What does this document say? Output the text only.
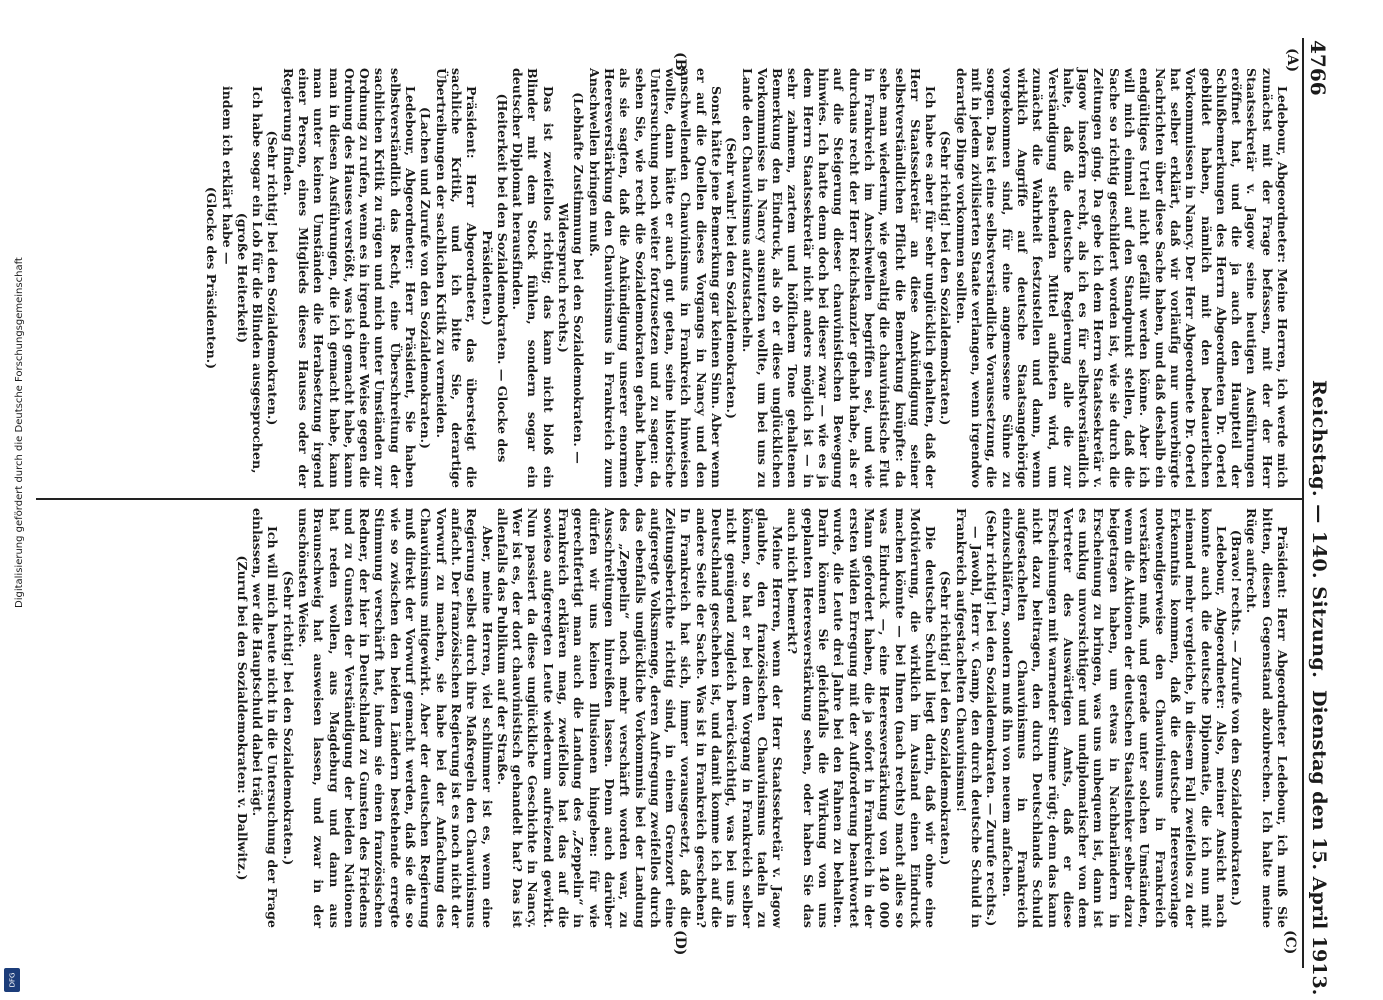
4766
Reichstag. — 140. Sitzung.
Dienstag den 15. April 1913.
(A)
(B)
(C)
(D)

Ledebour, Abgeordneter: Meine Herren, ich werde mich zunächst mit der Frage befassen, mit der der Herr Staatssekretär v. Jagow seine heutigen Ausführungen eröffnet hat, und die ja auch den Hauptteil der Schlußbemerkungen des Herrn Abgeordneten Dr. Oertel gebildet haben, nämlich mit den bedauerlichen Vorkommnissen in Nancy. Der Herr Abgeordnete Dr. Oertel hat selber erklärt, daß wir vorläufig nur unverbürgte Nachrichten über diese Sache haben, und daß deshalb ein endgültiges Urteil nicht gefällt werden könne. Aber ich will mich einmal auf den Standpunkt stellen, daß die Sache so richtig geschildert worden ist, wie sie durch die Zeitungen ging. Da gebe ich dem Herrn Staatssekretär v. Jagow insofern recht, als ich es für selbstverständlich halte, daß die deutsche Regierung alle die zur Verständigung stehenden Mittel aufbieten wird, um zunächst die Wahrheit festzustellen und dann, wenn wirklich Angriffe auf deutsche Staatsangehörige vorgekommen sind, für eine angemessene Sühne zu sorgen. Das ist eine selbstverständliche Voraussetzung, die mit in jedem zivilisierten Staate verlangen, wenn irgendwo derartige Dinge vorkommen sollten.

(Sehr richtig! bei den Sozialdemokraten.)

Ich habe es aber für sehr unglücklich gehalten, daß der Herr Staatssekretär an diese Ankündigung seiner selbstverständlichen Pflicht die Bemerkung knüpfte: da sehe man wiederum, wie gewaltig die chauvinistische Flut in Frankreich im Anschwellen begriffen sei, und wie durchaus recht der Herr Reichskanzler gehabt habe, als er auf die Steigerung dieser chauvinistischen Bewegung hinwies. Ich hatte denn doch bei dieser zwar — wie es ja dem Herrn Staatssekretär nicht anders möglich ist — in sehr zahmem, zartem und höflichem Tone gehaltenen Bemerkung den Eindruck, als ob er diese unglücklichen Vorkommnisse in Nancy ausnutzen wollte, um bei uns zu Lande den Chauvinismus aufzustacheln.

(Sehr wahr! bei den Sozialdemokraten.)

Sonst hätte jene Bemerkung gar keinen Sinn. Aber wenn er auf die Quellen dieses Vorgangs in Nancy und den anschwellenden Chauvinismus in Frankreich hinweisen wollte, dann hätte er auch gut getan, seine historische Untersuchung noch weiter fortzusetzen und zu sagen: da sehen Sie, wie recht die Sozialdemokraten gehabt haben, als sie sagten, daß die Ankündigung unserer enormen Heeresverstärkung den Chauvinismus in Frankreich zum Anschwellen bringen muß.

(Lebhafte Zustimmung bei den Sozialdemokraten. — Widerspruch rechts.)

Das ist zweifellos richtig; das kann nicht bloß ein Blinder mit dem Stock fühlen, sondern sogar ein deutscher Diplomat herausfinden.

(Heiterkeit bei den Sozialdemokraten. — Glocke des Präsidenten.)

Präsident: Herr Abgeordneter, das übersteigt die sachliche Kritik, und ich bitte Sie, derartige Übertreibungen der sachlichen Kritik zu vermeiden.

(Lachen und Zurufe von den Sozialdemokraten.)

Ledebour, Abgeordneter: Herr Präsident, Sie haben selbstverständlich das Recht, eine Überschreitung der sachlichen Kritik zu rügen und mich unter Umständen zur Ordnung zu rufen, wenn es in irgend einer Weise gegen die Ordnung des Hauses verstößt, was ich gemacht habe, kann man in diesen Ausführungen, die ich gemacht habe, kann man unter keinen Umständen die Herabsetzung irgend einer Person, eines Mitglieds dieses Hauses oder der Regierung finden.

(Sehr richtig! bei den Sozialdemokraten.)

Ich habe sogar ein Lob für die Blinden ausgesprochen,

(große Heiterkeit)

indem ich erklärt habe —

(Glocke des Präsidenten.)

Präsident: Herr Abgeordneter Ledebour, ich muß Sie bitten, diesen Gegenstand abzubrechen. Ich halte meine Rüge aufrecht.

(Bravo! rechts. — Zurufe von den Sozialdemokraten.)

Ledebour, Abgeordneter: Also, meiner Ansicht nach konnte auch die deutsche Diplomatie, die ich nun mit niemand mehr vergleiche, in diesem Fall zweifellos zu der Erkenntnis kommen, daß die deutsche Heeresvorlage notwendigerweise den Chauvinismus in Frankreich verstärken muß, und gerade unter solchen Umständen, wenn die Aktionen der deutschen Staatslenker selber dazu beigetragen haben, um etwas in Nachbarländern in Erscheinung zu bringen, was uns unbequem ist, dann ist es unklug unvorsichtiger und undiplomatischer von dem Vertreter des Auswärtigen Amts, daß er diese Erscheinungen mit warnender Stimme rügt; denn das kann nicht dazu beitragen, den durch Deutschlands Schuld aufgestachelten Chauvinismus in Frankreich einzuschläfern, sondern muß ihn von neuem anfachen.

(Sehr richtig! bei den Sozialdemokraten. — Zurufe rechts.)

— Jawohl, Herr v. Gamp, den durch deutsche Schuld in Frankreich aufgestachelten Chauvinismus!

(Sehr richtig! bei den Sozialdemokraten.)

Die deutsche Schuld liegt darin, daß wir ohne eine Motivierung, die wirklich im Ausland einen Eindruck machen könnte — bei Ihnen (nach rechts) macht alles so was Eindruck —, eine Heeresverstärkung von 140 000 Mann gefordert haben, die ja sofort in Frankreich in der ersten wilden Erregung mit der Aufforderung beantwortet wurde, die Leute drei Jahre bei den Fahnen zu behalten. Darin können Sie gleichfalls die Wirkung von uns geplanten Heeresverstärkung sehen, oder haben Sie das auch nicht bemerkt?

Meine Herren, wenn der Herr Staatssekretär v. Jagow glaubte, den französischen Chauvinismus tadeln zu können, so hat er bei dem Vorgang in Frankreich selber nicht genügend zugleich berücksichtigt, was bei uns in Deutschland geschehen ist, und damit komme ich auf die andere Seite der Sache. Was ist in Frankreich geschehen? In Frankreich hat sich, immer vorausgesetzt, daß die Zeitungsberichte richtig sind, in einem Grenzort eine aufgeregte Volksmenge, deren Aufregung zweifellos durch das ebenfalls unglückliche Vorkommnis bei der Landung des „Zeppelin“ noch mehr verschärft worden war, zu Ausschreitungen hinreißen lassen. Denn auch darüber dürfen wir uns keinen Illusionen hingeben: für wie gerechtfertigt man auch die Landung des „Zeppelin“ in Frankreich erklären mag, zweifellos hat das auf die sowieso aufgeregten Leute wiederum aufreizend gewirkt. Nun passiert da diese unglückliche Geschichte in Nancy. Wer ist es, der dort chauvinistisch gehandelt hat? Das ist allenfalls das Publikum auf der Straße.

Aber, meine Herren, viel schlimmer ist es, wenn eine Regierung selbst durch ihre Maßregeln den Chauvinismus anfacht. Der französischen Regierung ist es noch nicht der Vorwurf zu machen, sie habe bei der Anfachung des Chauvinismus mitgewirkt. Aber der deutschen Regierung muß direkt der Vorwurf gemacht werden, daß sie die so wie so zwischen den beiden Ländern bestehende erregte Stimmung verschärft hat, indem sie einen französischen Redner, der hier in Deutschland zu Gunsten des Friedens und zu Gunsten der Verständigung der beiden Nationen hat reden wollen, aus Magdeburg und dann aus Braunschweig hat ausweisen lassen, und zwar in der unschönsten Weise.

(Sehr richtig! bei den Sozialdemokraten.)

Ich will mich heute nicht in die Untersuchung der Frage einlassen, wer die Hauptschuld dabei trägt.

(Zuruf bei den Sozialdemokraten: v. Dallwitz.)

Digitalisierung gefördert durch die Deutsche Forschungsgemeinschaft
DFG
